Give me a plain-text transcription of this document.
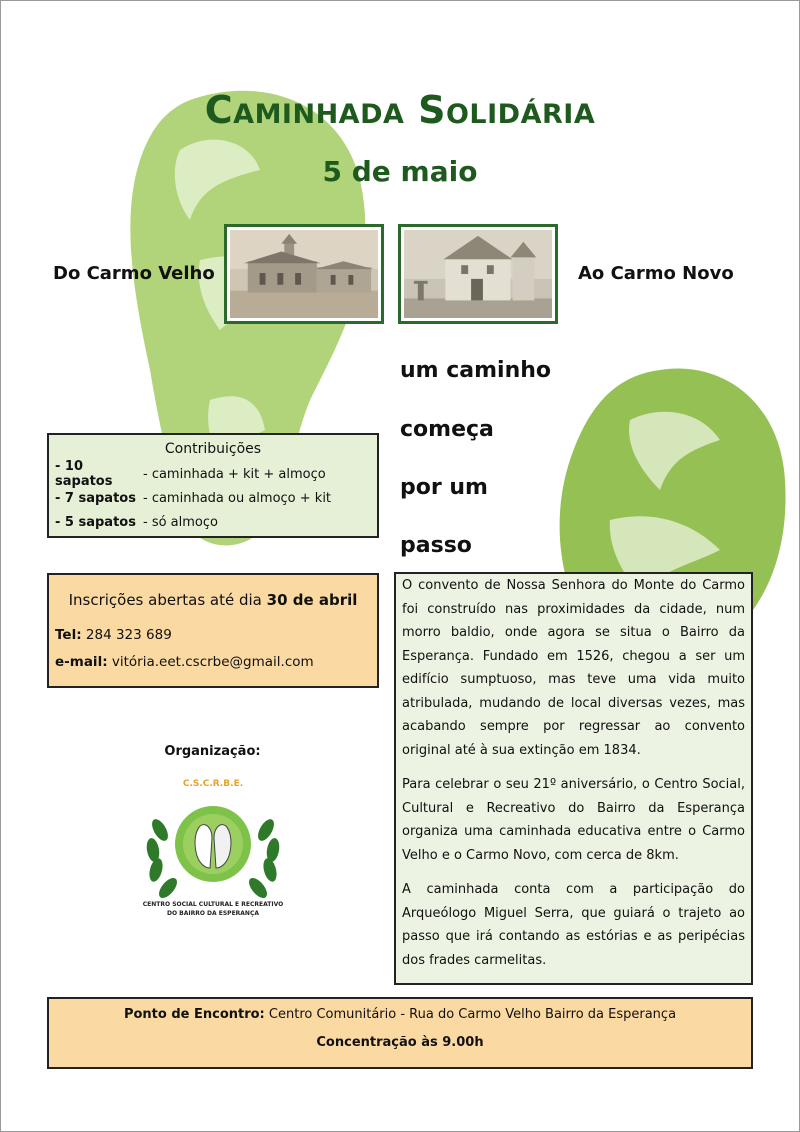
Caminhada Solidária
5 de maio
Do Carmo Velho	Ao Carmo Novo
um caminho
começa
por um
passo
Contribuições
- 10 sapatos	- caminhada + kit + almoço
- 7 sapatos - caminhada ou almoço + kit
- 5 sapatos - só almoço
Inscrições abertas até dia 30 de abril
Tel: 284 323 689
e-mail: vitória.eet.cscrbe@gmail.com
Organização:
C.S.C.R.B.E.
CENTRO SOCIAL CULTURAL E RECREATIVO
DO BAIRRO DA ESPERANÇA

O convento de Nossa Senhora do Monte do Carmo foi construído nas proximidades da cidade, num morro baldio, onde agora se situa o Bairro da Esperança. Fundado em 1526, chegou a ser um edifício sumptuoso, mas teve uma vida muito atribulada, mudando de local diversas vezes, mas acabando sempre por regressar ao convento original até à sua extinção em 1834.

Para celebrar o seu 21º aniversário, o Centro Social, Cultural e Recreativo do Bairro da Esperança organiza uma caminhada educativa entre o Carmo Velho e o Carmo Novo, com cerca de 8km.

A caminhada conta com a participação do Arqueólogo Miguel Serra, que guiará o trajeto ao passo que irá contando as estórias e as peripécias dos frades carmelitas.

Ponto de Encontro: Centro Comunitário - Rua do Carmo Velho Bairro da Esperança
Concentração às 9.00h
